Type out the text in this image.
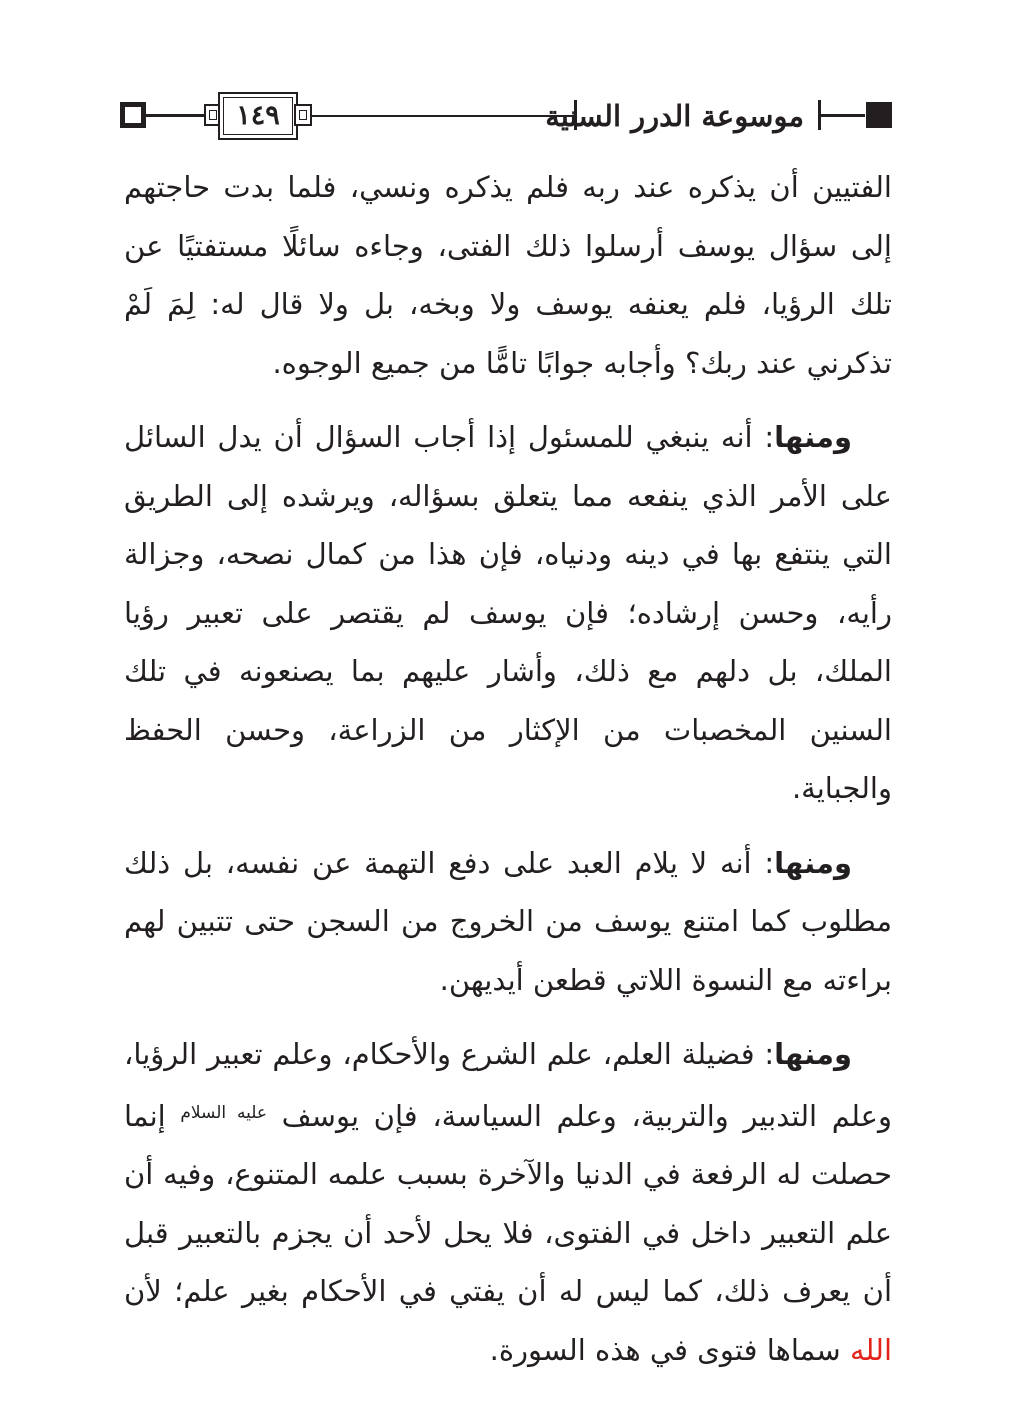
١٤٩	موسوعة الدرر السنية

الفتيين أن يذكره عند ربه فلم يذكره ونسي، فلما بدت حاجتهم إلى سؤال يوسف أرسلوا ذلك الفتى، وجاءه سائلًا مستفتيًا عن تلك الرؤيا، فلم يعنفه يوسف ولا وبخه، بل ولا قال له: لِمَ لَمْ تذكرني عند ربك؟ وأجابه جوابًا تامًّا من جميع الوجوه.

ومنها: أنه ينبغي للمسئول إذا أجاب السؤال أن يدل السائل على الأمر الذي ينفعه مما يتعلق بسؤاله، ويرشده إلى الطريق التي ينتفع بها في دينه ودنياه، فإن هذا من كمال نصحه، وجزالة رأيه، وحسن إرشاده؛ فإن يوسف لم يقتصر على تعبير رؤيا الملك، بل دلهم مع ذلك، وأشار عليهم بما يصنعونه في تلك السنين المخصبات من الإكثار من الزراعة، وحسن الحفظ والجباية.

ومنها: أنه لا يلام العبد على دفع التهمة عن نفسه، بل ذلك مطلوب كما امتنع يوسف من الخروج من السجن حتى تتبين لهم براءته مع النسوة اللاتي قطعن أيديهن.

ومنها: فضيلة العلم، علم الشرع والأحكام، وعلم تعبير الرؤيا، وعلم التدبير والتربية، وعلم السياسة، فإن يوسف $^{عليه السلام}$ إنما حصلت له الرفعة في الدنيا والآخرة بسبب علمه المتنوع، وفيه أن علم التعبير داخل في الفتوى، فلا يحل لأحد أن يجزم بالتعبير قبل أن يعرف ذلك، كما ليس له أن يفتي في الأحكام بغير علم؛ لأن الله سماها فتوى في هذه السورة.
